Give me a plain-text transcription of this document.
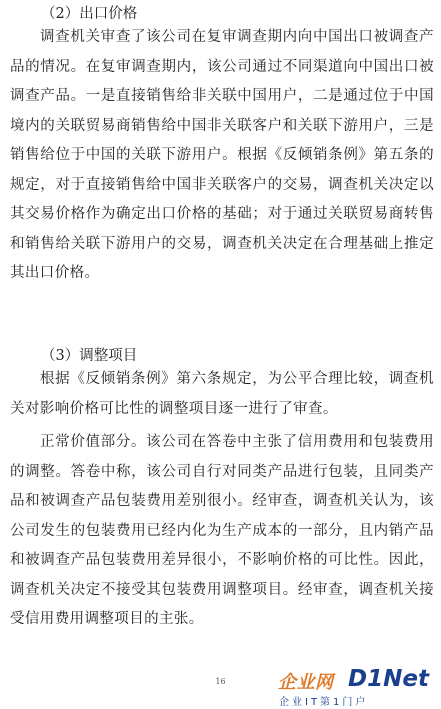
（2）出口价格

调查机关审查了该公司在复审调查期内向中国出口被调查产品的情况。在复审调查期内，该公司通过不同渠道向中国出口被调查产品。一是直接销售给非关联中国用户，二是通过位于中国境内的关联贸易商销售给中国非关联客户和关联下游用户，三是销售给位于中国的关联下游用户。根据《反倾销条例》第五条的规定，对于直接销售给中国非关联客户的交易，调查机关决定以其交易价格作为确定出口价格的基础；对于通过关联贸易商转售和销售给关联下游用户的交易，调查机关决定在合理基础上推定其出口价格。

（3）调整项目

根据《反倾销条例》第六条规定，为公平合理比较，调查机关对影响价格可比性的调整项目逐一进行了审查。

正常价值部分。该公司在答卷中主张了信用费用和包装费用的调整。答卷中称，该公司自行对同类产品进行包装，且同类产品和被调查产品包装费用差别很小。经审查，调查机关认为，该公司发生的包装费用已经内化为生产成本的一部分，且内销产品和被调查产品包装费用差异很小，不影响价格的可比性。因此，调查机关决定不接受其包装费用调整项目。经审查，调查机关接受信用费用调整项目的主张。

16	企业网 D1Net
企业IT第1门户
